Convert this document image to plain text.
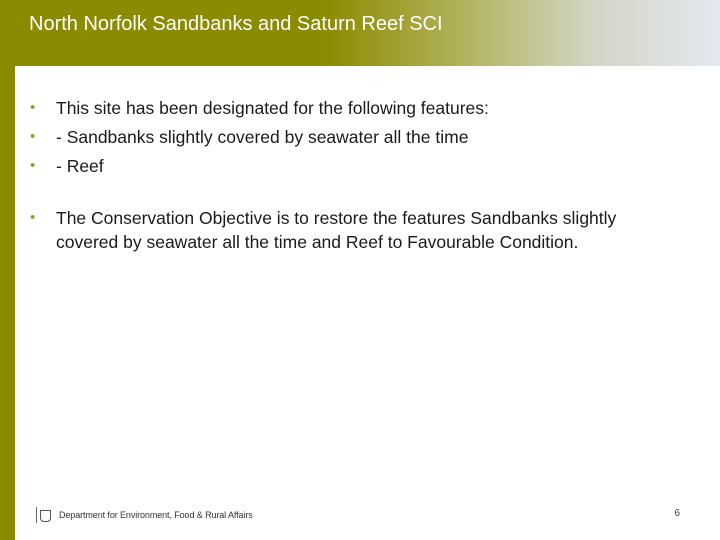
North Norfolk Sandbanks and Saturn Reef SCI
•	This site has been designated for the following features:
•	- Sandbanks slightly covered by seawater all the time
•	- Reef
•	The Conservation Objective is to restore the features Sandbanks slightly covered by seawater all the time and Reef to Favourable Condition.
Department for Environment, Food & Rural Affairs	6
